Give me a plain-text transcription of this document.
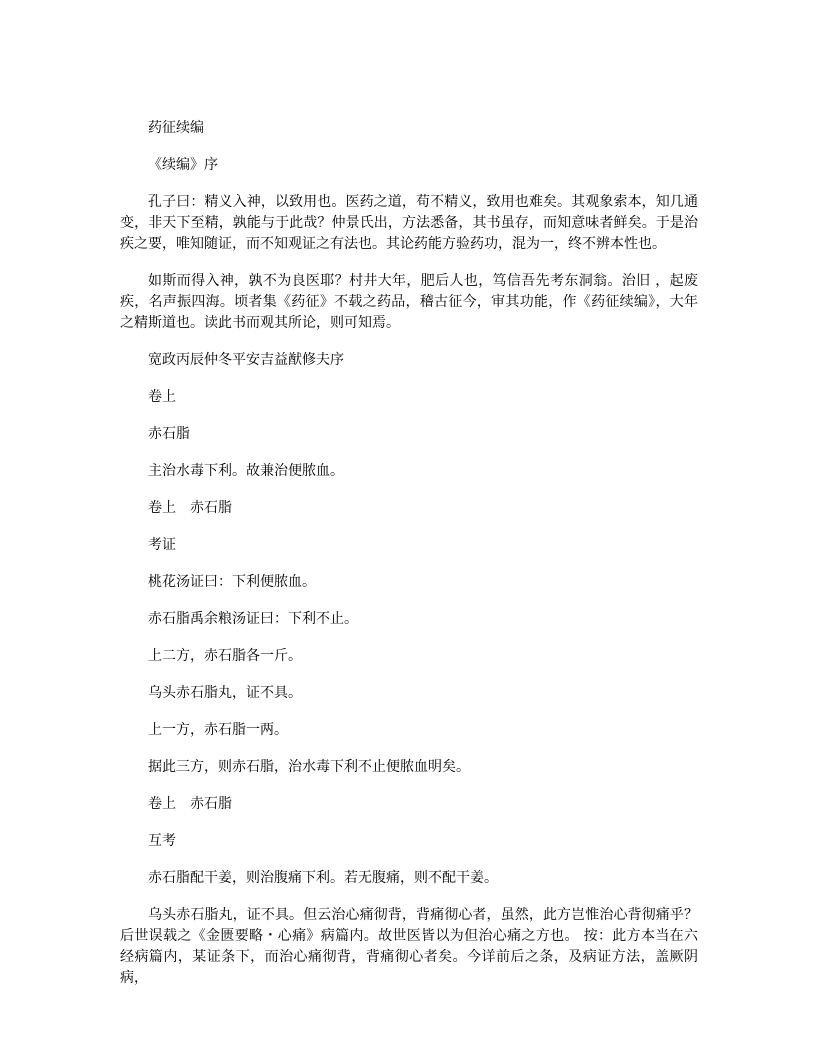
药征续编

《续编》序

孔子曰：精义入神，以致用也。医药之道，苟不精义，致用也难矣。其观象索本，知几通变，非天下至精，孰能与于此哉？仲景氏出，方法悉备，其书虽存，而知意味者鲜矣。于是治疾之要，唯知随证，而不知观证之有法也。其论药能方验药功，混为一，终不辨本性也。

如斯而得入神，孰不为良医耶？村井大年，肥后人也，笃信吾先考东洞翁。治旧 ，起废疾，名声振四海。顷者集《药征》不载之药品，稽古征今，审其功能，作《药征续编》，大年之精斯道也。读此书而观其所论，则可知焉。

宽政丙辰仲冬平安吉益猷修夫序

卷上

赤石脂

主治水毒下利。故兼治便脓血。

卷上　赤石脂

考证

桃花汤证曰：下利便脓血。

赤石脂禹余粮汤证曰：下利不止。

上二方，赤石脂各一斤。

乌头赤石脂丸，证不具。

上一方，赤石脂一两。

据此三方，则赤石脂，治水毒下利不止便脓血明矣。

卷上　赤石脂

互考

赤石脂配干姜，则治腹痛下利。若无腹痛，则不配干姜。

乌头赤石脂丸，证不具。但云治心痛彻背，背痛彻心者，虽然，此方岂惟治心背彻痛乎？后世误载之《金匮要略・心痛》病篇内。故世医皆以为但治心痛之方也。 按：此方本当在六经病篇内，某证条下，而治心痛彻背，背痛彻心者矣。今详前后之条，及病证方法，盖厥阴病，
